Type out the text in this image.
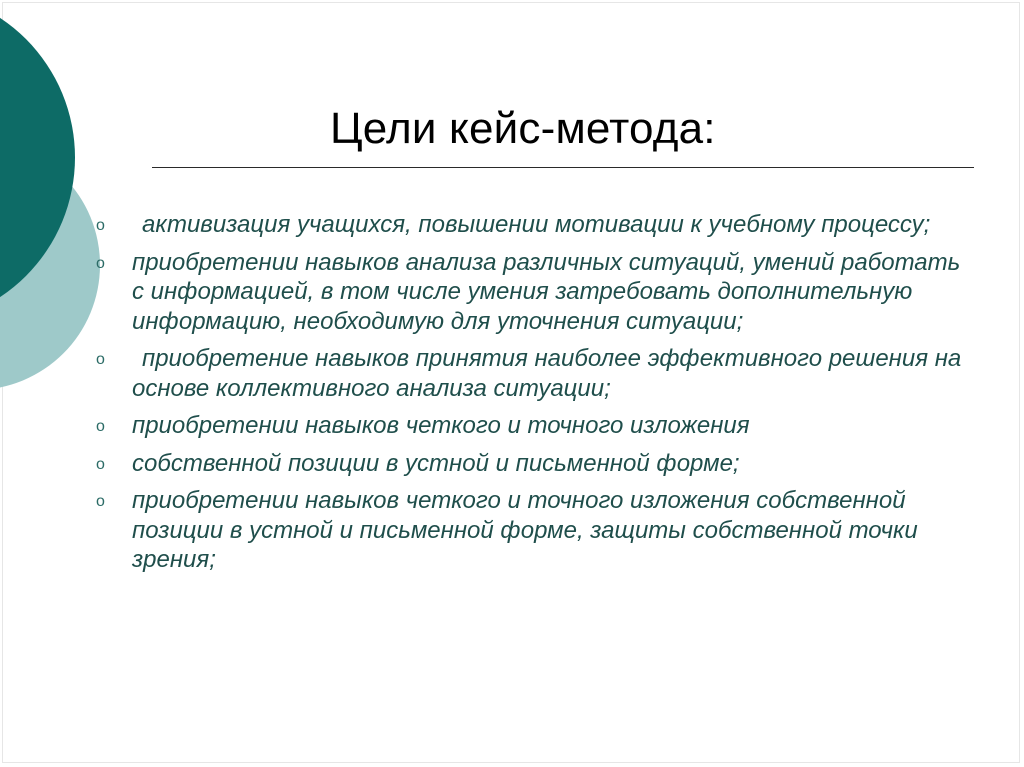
Цели кейс-метода:
o активизация учащихся, повышении мотивации к учебному процессу;
o приобретении навыков анализа различных ситуаций, умений работать с информацией, в том числе умения затребовать дополнительную информацию, необходимую для уточнения ситуации;
o приобретение навыков принятия наиболее эффективного решения на основе коллективного анализа ситуации;
o приобретении навыков четкого и точного изложения
o собственной позиции в устной и письменной форме;
o приобретении навыков четкого и точного изложения собственной позиции в устной и письменной форме, защиты собственной точки зрения;
